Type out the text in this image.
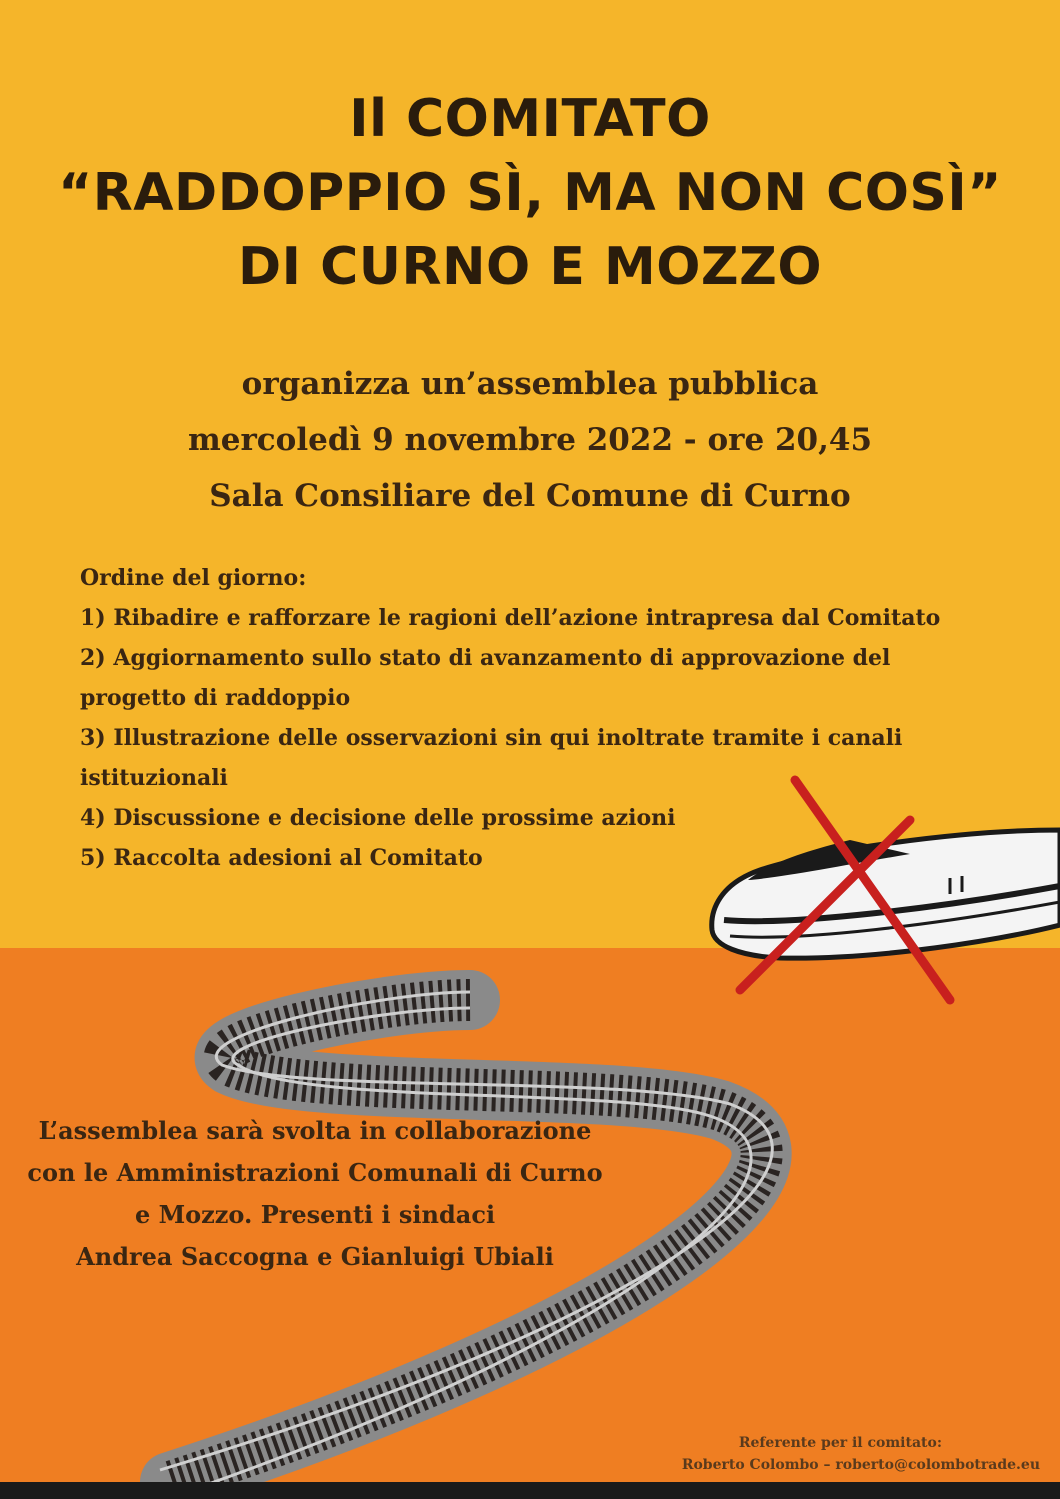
Il COMITATO
“RADDOPPIO SÌ, MA NON COSÌ”
DI CURNO E MOZZO
organizza un’assemblea pubblica
mercoledì 9 novembre 2022 - ore 20,45
Sala Consiliare del Comune di Curno
Ordine del giorno:
1) Ribadire e rafforzare le ragioni dell’azione intrapresa dal Comitato
2) Aggiornamento sullo stato di avanzamento di approvazione del
progetto di raddoppio
3) Illustrazione delle osservazioni sin qui inoltrate tramite i canali
istituzionali
4) Discussione e decisione delle prossime azioni
5) Raccolta adesioni al Comitato
L’assemblea sarà svolta in collaborazione
con le Amministrazioni Comunali di Curno
e Mozzo. Presenti i sindaci
Andrea Saccogna e Gianluigi Ubiali
Referente per il comitato:
Roberto Colombo – roberto@colombotrade.eu
